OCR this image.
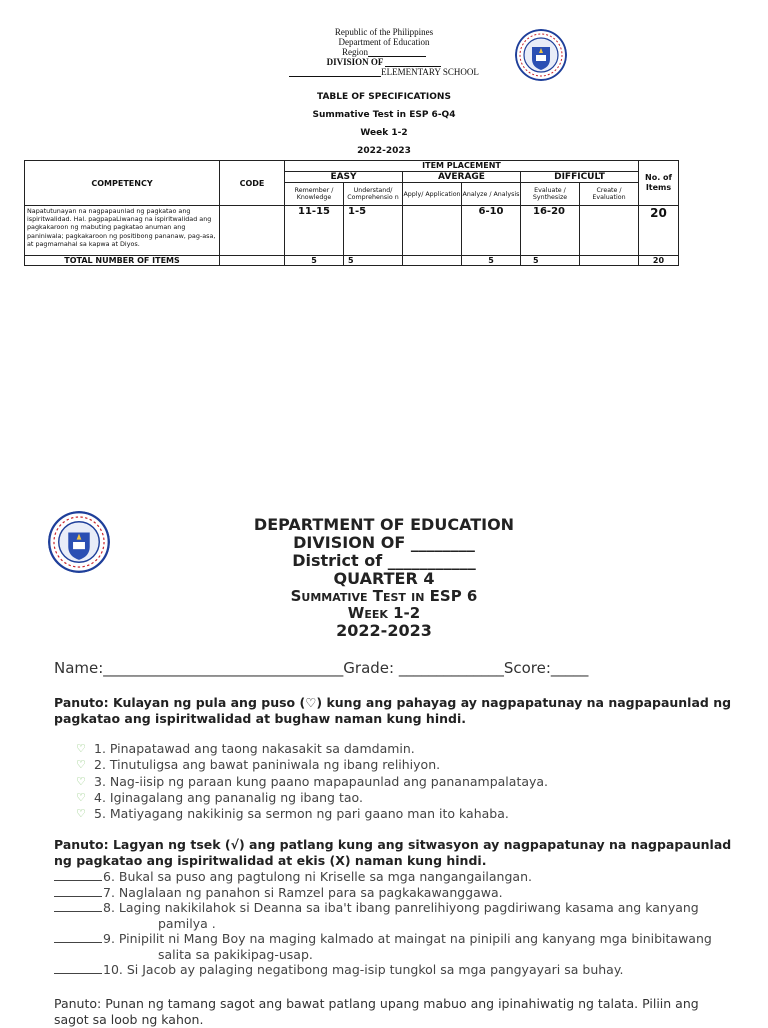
Republic of the Philippines
Department of Education
Region
DIVISION OF
ELEMENTARY SCHOOL
TABLE OF SPECIFICATIONS
Summative Test in ESP 6-Q4
Week 1-2
2022-2023
COMPETENCY	CODE	ITEM PLACEMENT						No. of Items
		EASY		AVERAGE		DIFFICULT		
		Remember / Knowledge	Understand/ Comprehensio n	Apply/ Application	Analyze / Analysis	Evaluate / Synthesize	Create / Evaluation	
Napatutunayan na nagpapaunlad ng pagkatao ang ispiritwalidad. Hal. pagpapaLiwanag na ispiritwalidad ang pagkakaroon ng mabuting pagkatao anuman ang paniniwala; pagkakaroon ng positibong pananaw, pag-asa, at pagmamahal sa kapwa at Diyos.		11-15	1-5		6-10	16-20		20
TOTAL NUMBER OF ITEMS		5	5		5	5		20
DEPARTMENT OF EDUCATION
DIVISION OF ________
District of ___________
QUARTER 4
Summative Test in ESP 6
Week 1-2
2022-2023
Name:________________________________Grade: ______________Score:_____
Panuto: Kulayan ng pula ang puso (♡) kung ang pahayag ay nagpapatunay na nagpapaunlad ng pagkatao ang ispiritwalidad at bughaw naman kung hindi.
♡ 1. Pinapatawad ang taong nakasakit sa damdamin.
♡ 2. Tinutuligsa ang bawat paniniwala ng ibang relihiyon.
♡ 3. Nag-iisip ng paraan kung paano mapapaunlad ang pananampalataya.
♡ 4. Iginagalang ang pananalig ng ibang tao.
♡ 5. Matiyagang nakikinig sa sermon ng pari gaano man ito kahaba.
Panuto: Lagyan ng tsek (√) ang patlang kung ang sitwasyon ay nagpapatunay na nagpapaunlad ng pagkatao ang ispiritwalidad at ekis (X) naman kung hindi.
6. Bukal sa puso ang pagtulong ni Kriselle sa mga nangangailangan.
7. Naglalaan ng panahon si Ramzel para sa pagkakawanggawa.
8. Laging nakikilahok si Deanna sa iba't ibang panrelihiyong pagdiriwang kasama ang kanyang
pamilya .
9. Pinipilit ni Mang Boy na maging kalmado at maingat na pinipili ang kanyang mga binibitawang
salita sa pakikipag-usap.
10. Si Jacob ay palaging negatibong mag-isip tungkol sa mga pangyayari sa buhay.
Panuto: Punan ng tamang sagot ang bawat patlang upang mabuo ang ipinahiwatig ng talata. Piliin ang sagot sa loob ng kahon.
